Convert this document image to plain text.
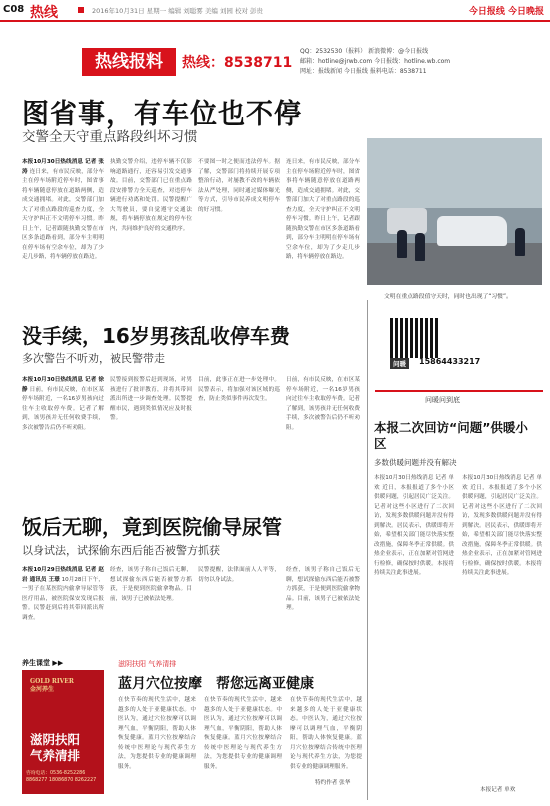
C08 热线	2016年10月31日 星期一 编辑 刘聪雾 美编 刘园 校对 彭贵	今日报线 今日晚报
热线报料	热线：8538711
QQ：2532530（报料） 新浪微博：@今日报线
邮箱：hotline@jrwb.com 今日报线：hotline.wb.com
网址：报线新闻 今日报线 报料电话：8538711
图省事，有车位也不停
交警全天守重点路段纠坏习惯
本报10月30日热线消息 记者 张涛 连日来，有市民反映，部分车主在停车场附近停车时，图省事将车辆随意停放在道路两侧，造成交通拥堵。对此，交警部门加大了对重点路段的巡查力度，全天守护纠正不文明停车习惯。昨日上午，记者跟随执勤交警在市区多条道路看到，部分车主明明在停车场有空余车位，却为了少走几步路，将车辆停放在路边。
执勤交警介绍，违停车辆不仅影响道路通行，还容易引发交通事故。目前，交警部门已在重点路段安排警力全天巡查，对违停车辆进行劝离和处罚。民警提醒广大驾驶员，要自觉遵守交通法规，将车辆停放在规定的停车位内，共同维护良好的交通秩序。
不要图一时之便而违法停车。据了解，交警部门将持续开展专项整治行动，对屡教不改的车辆依法从严处理，同时通过媒体曝光等方式，引导市民养成文明停车的好习惯。
连日来，有市民反映，部分车主在停车场附近停车时，图省事将车辆随意停放在道路两侧，造成交通拥堵。对此，交警部门加大了对重点路段的巡查力度，全天守护纠正不文明停车习惯。昨日上午，记者跟随执勤交警在市区多条道路看到，部分车主明明在停车场有空余车位，却为了少走几步路，将车辆停放在路边。
文明在重点路段值守天时，同时也出现了“习惯”。
问暖	15864433217
问暖问到底
没手续，16岁男孩乱收停车费
多次警告不听劝，被民警带走
本报10月30日热线消息 记者 徐静 日前，有市民反映，在市区某停车场附近，一名16岁男孩向过往车主收取停车费。记者了解到，该男孩并无任何收费手续，多次被警告后仍不听劝阻。
民警接到报警后赶到现场，对男孩进行了批评教育，并将其带回派出所进一步调查处理。民警提醒市民，遇到类似情况应及时报警。
目前，此事正在进一步处理中。民警表示，将加强对该区域的巡查，防止类似事件再次发生。
日前，有市民反映，在市区某停车场附近，一名16岁男孩向过往车主收取停车费。记者了解到，该男孩并无任何收费手续，多次被警告后仍不听劝阻。	本报二次回访“问题”供暖小区
多数供暖问题并没有解决
本报10月30日热线消息 记者 单欢 近日，本报报道了多个小区供暖问题，引起居民广泛关注。记者对这些小区进行了二次回访，发现多数供暖问题并没有得到解决。居民表示，供暖即将开始，希望相关部门能尽快落实整改措施，保障冬季正常供暖。供热企业表示，正在加紧对管网进行检修，确保按时供暖。本报将持续关注此事进展。
本报10月30日热线消息 记者 单欢 近日，本报报道了多个小区供暖问题，引起居民广泛关注。记者对这些小区进行了二次回访，发现多数供暖问题并没有得到解决。居民表示，供暖即将开始，希望相关部门能尽快落实整改措施，保障冬季正常供暖。供热企业表示，正在加紧对管网进行检修，确保按时供暖。本报将持续关注此事进展。
本报记者 单欢
饭后无聊，竟到医院偷导尿管
以身试法，试探偷东西后能否被警方抓获
本报10月29日热线消息 记者 赵岩 通讯员 王璟 10月28日下午，一男子在某医院内偷拿导尿管等医疗用品，被医院保安发现后报警。民警赶到后将其带回派出所调查。
经查，该男子称自己饭后无聊，想试探偷东西后能否被警方抓获，于是便到医院偷拿物品。目前，该男子已被依法处理。
民警提醒，法律面前人人平等，切勿以身试法。
经查，该男子称自己饭后无聊，想试探偷东西后能否被警方抓获，于是便到医院偷拿物品。目前，该男子已被依法处理。
养生课堂 ▶▶
GOLD RIVER
金河养生
滋阴扶阳
气养清排
咨询电话：0536-8252286 8868277 18086870 8262227
滋阴扶阳 气养清排
蓝月穴位按摩　帮您远离亚健康
在快节奏的现代生活中，越来越多的人处于亚健康状态。中医认为，通过穴位按摩可以调理气血，平衡阴阳，帮助人体恢复健康。蓝月穴位按摩结合传统中医理论与现代养生方法，为您提供专业的健康调理服务。
在快节奏的现代生活中，越来越多的人处于亚健康状态。中医认为，通过穴位按摩可以调理气血，平衡阴阳，帮助人体恢复健康。蓝月穴位按摩结合传统中医理论与现代养生方法，为您提供专业的健康调理服务。
在快节奏的现代生活中，越来越多的人处于亚健康状态。中医认为，通过穴位按摩可以调理气血，平衡阴阳，帮助人体恢复健康。蓝月穴位按摩结合传统中医理论与现代养生方法，为您提供专业的健康调理服务。
特约作者 张华
